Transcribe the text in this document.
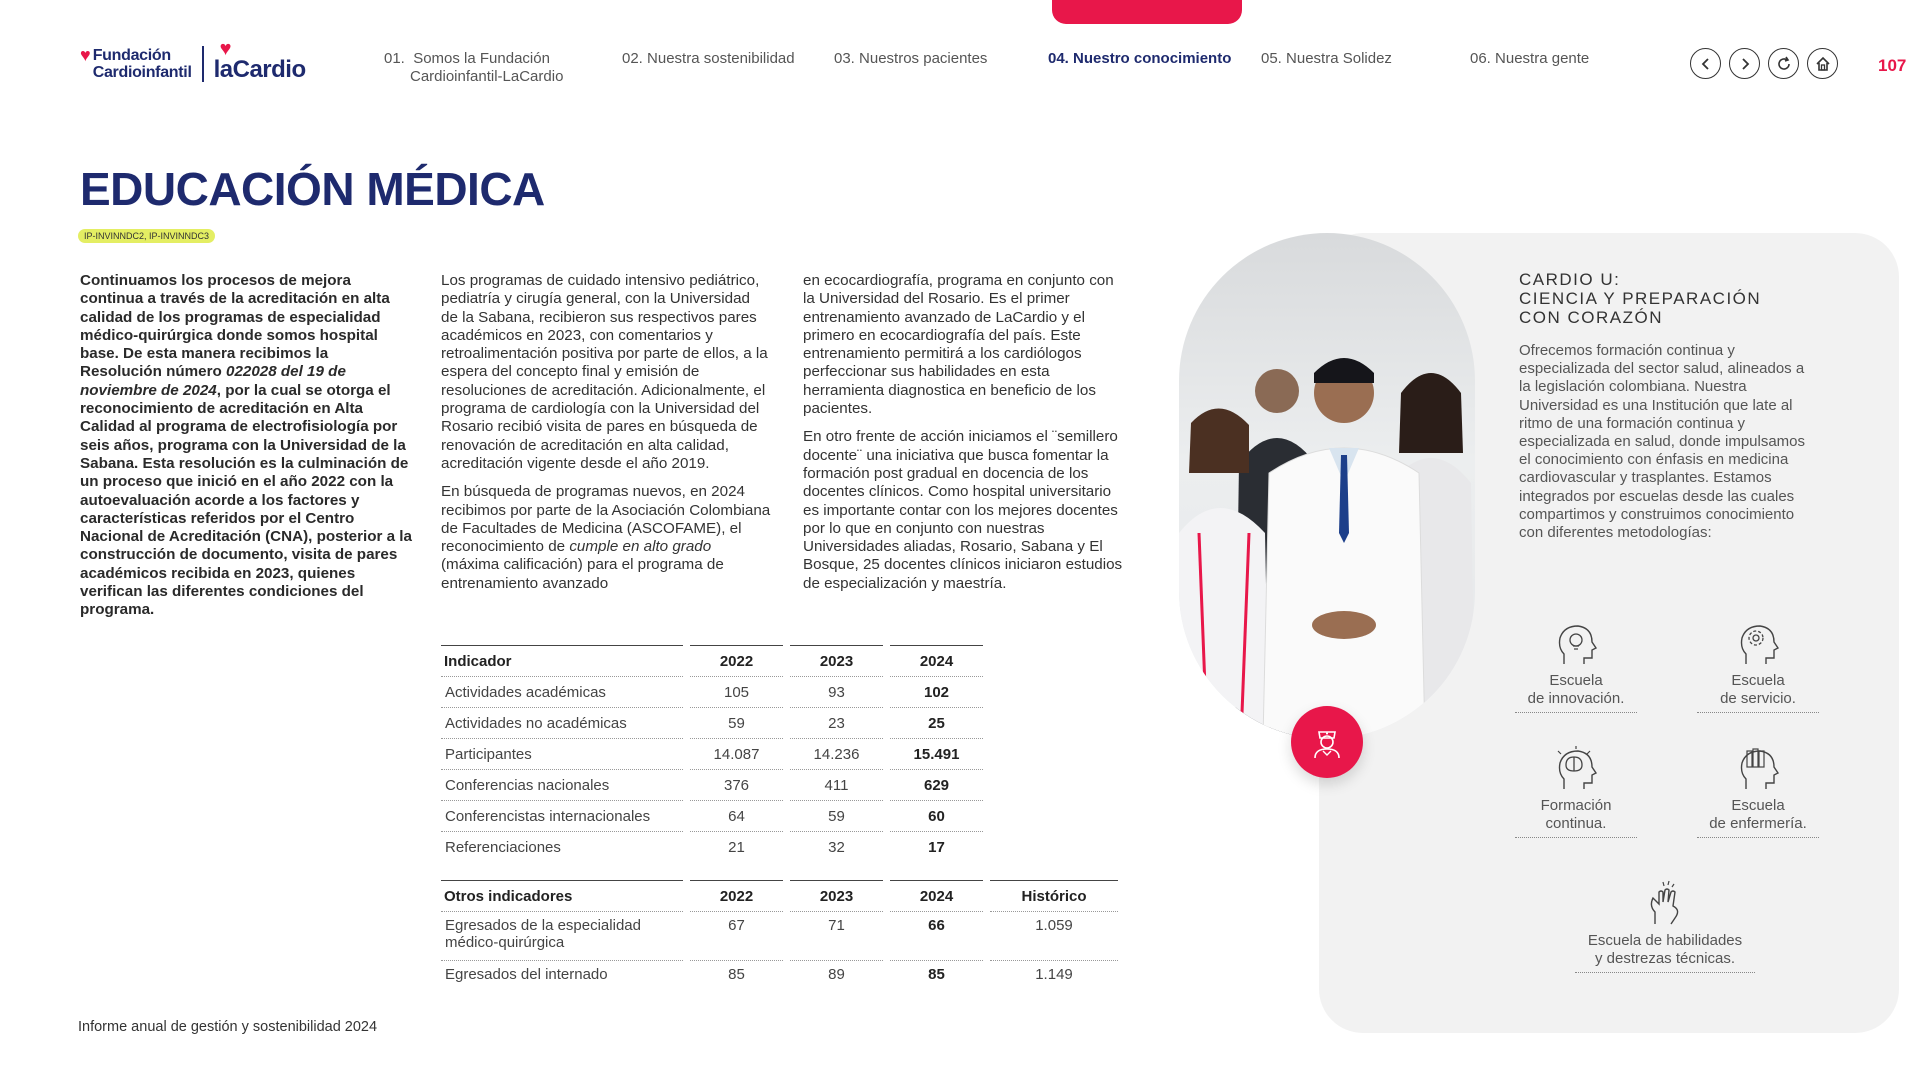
♥ Fundación
Cardioinfantil
♥
laCardio	01. Somos la Fundación
Cardioinfantil-LaCardio
02. Nuestra sostenibilidad	03. Nuestros pacientes	04. Nuestro conocimiento 05. Nuestra Solidez	06. Nuestra gente	107
EDUCACIÓN MÉDICA
IP-INVINNDC2, IP-INVINNDC3

Continuamos los procesos de mejora continua a través de la acreditación en alta calidad de los programas de especialidad médico-quirúrgica donde somos hospital base. De esta manera recibimos la Resolución número 022028 del 19 de noviembre de 2024, por la cual se otorga el reconocimiento de acreditación en Alta Calidad al programa de electrofisiología por seis años, programa con la Universidad de la Sabana. Esta resolución es la culminación de un proceso que inició en el año 2022 con la autoevaluación acorde a los factores y características referidos por el Centro Nacional de Acreditación (CNA), posterior a la construcción de documento, visita de pares académicos recibida en 2023, quienes verifican las diferentes condiciones del programa.

Los programas de cuidado intensivo pediátrico, pediatría y cirugía general, con la Universidad de la Sabana, recibieron sus respectivos pares académicos en 2023, con comentarios y retroalimentación positiva por parte de ellos, a la espera del concepto final y emisión de resoluciones de acreditación. Adicionalmente, el programa de cardiología con la Universidad del Rosario recibió visita de pares en búsqueda de renovación de acreditación en alta calidad, acreditación vigente desde el año 2019.

En búsqueda de programas nuevos, en 2024 recibimos por parte de la Asociación Colombiana de Facultades de Medicina (ASCOFAME), el reconocimiento de cumple en alto grado (máxima calificación) para el programa de entrenamiento avanzado

en ecocardiografía, programa en conjunto con la Universidad del Rosario. Es el primer entrenamiento avanzado de LaCardio y el primero en ecocardiografía del país. Este entrenamiento permitirá a los cardiólogos perfeccionar sus habilidades en esta herramienta diagnostica en beneficio de los pacientes.

En otro frente de acción iniciamos el ¨semillero docente¨ una iniciativa que busca fomentar la formación post gradual en docencia de los docentes clínicos. Como hospital universitario es importante contar con los mejores docentes por lo que en conjunto con nuestras Universidades aliadas, Rosario, Sabana y El Bosque, 25 docentes clínicos iniciaron estudios de especialización y maestría.

Indicador	2022	2023	2024
Actividades académicas	105	93	102
Actividades no académicas	59	23	25
Participantes	14.087	14.236	15.491
Conferencias nacionales	376	411	629
Conferencistas internacionales	64	59	60
Referenciaciones	21	32	17
Otros indicadores	2022	2023	2024	Histórico
Egresados de la especialidad médico-quirúrgica	67	71	66	1.059
Egresados del internado	85	89	85	1.149
CARDIO U:
CIENCIA Y PREPARACIÓN
CON CORAZÓN
Ofrecemos formación continua y especializada del sector salud, alineados a la legislación colombiana. Nuestra Universidad es una Institución que late al ritmo de una formación continua y especializada en salud, donde impulsamos el conocimiento con énfasis en medicina cardiovascular y trasplantes. Estamos integrados por escuelas desde las cuales compartimos y construimos conocimiento con diferentes metodologías:
Escuela
de innovación.
Escuela
de servicio.
Formación
continua.
Escuela
de enfermería.
Escuela de habilidades
y destrezas técnicas.
Informe anual de gestión y sostenibilidad 2024
